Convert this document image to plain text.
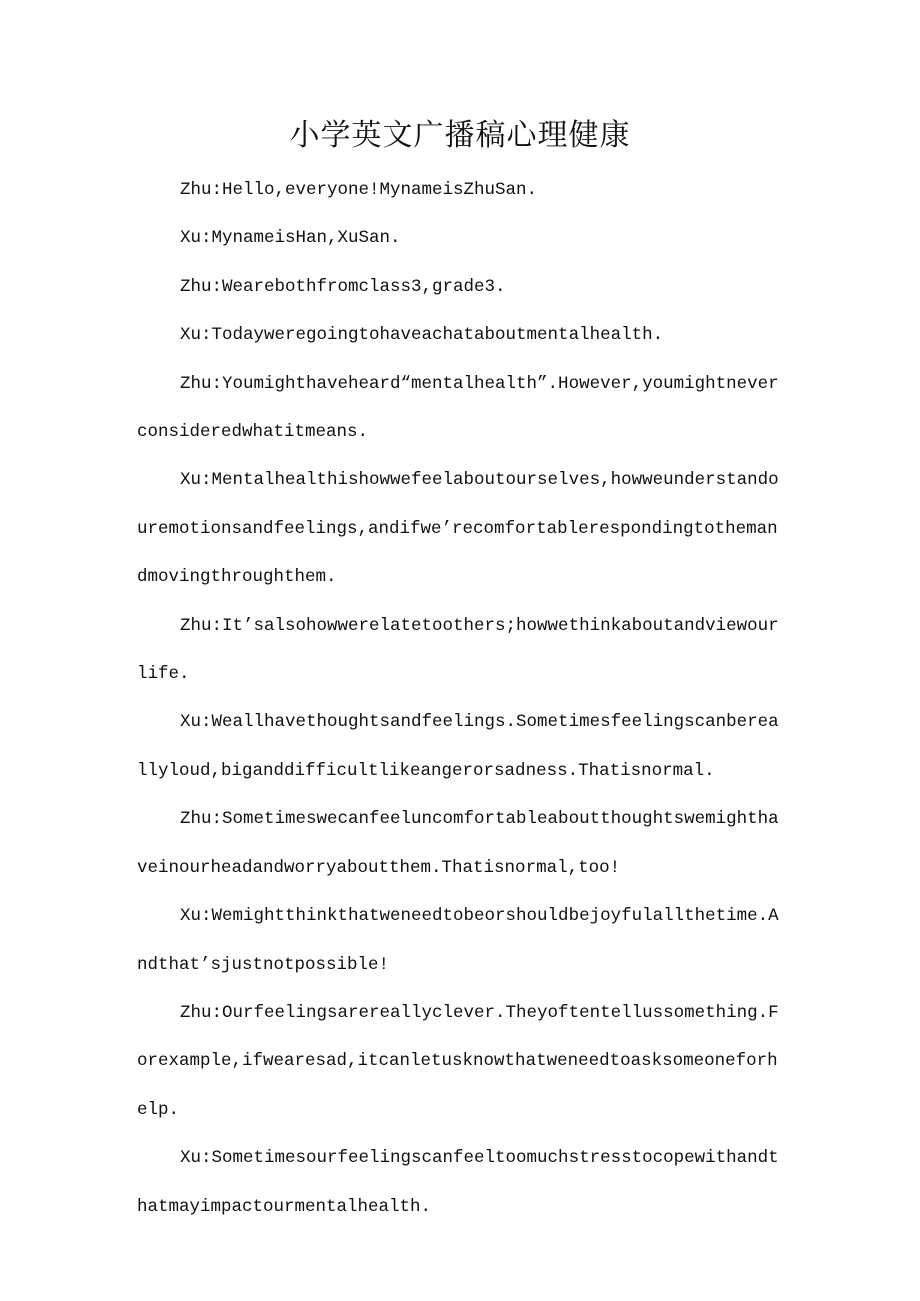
小学英文广播稿心理健康

Zhu:Hello,everyone!MynameisZhuSan.

Xu:MynameisHan,XuSan.

Zhu:Wearebothfromclass3,grade3.

Xu:Todayweregoingtohaveachataboutmentalhealth.

Zhu:Youmighthaveheard“mentalhealth”.However,youmightneverconsideredwhatitmeans.

Xu:Mentalhealthishowwefeelaboutourselves,howweunderstandouremotionsandfeelings,andifwe’recomfortablerespondingtothemandmovingthroughthem.

Zhu:It’salsohowwerelatetoothers;howwethinkaboutandviewourlife.

Xu:Weallhavethoughtsandfeelings.Sometimesfeelingscanbereallyloud,biganddifficultlikeangerorsadness.Thatisnormal.

Zhu:Sometimeswecanfeeluncomfortableaboutthoughtswemighthaveinourheadandworryaboutthem.Thatisnormal,too!

Xu:Wemightthinkthatweneedtobeorshouldbejoyfulallthetime.Andthat’sjustnotpossible!

Zhu:Ourfeelingsarereallyclever.Theyoftentellussomething.Forexample,ifwearesad,itcanletusknowthatweneedtoasksomeoneforhelp.

Xu:Sometimesourfeelingscanfeeltoomuchstresstocopewithandthatmayimpactourmentalhealth.
